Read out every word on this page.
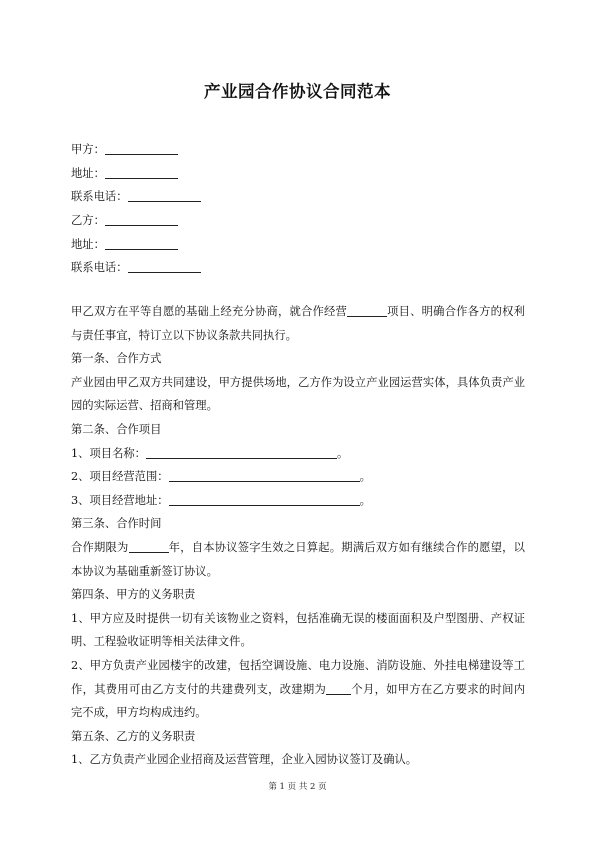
产业园合作协议合同范本
甲方：
地址：
联系电话：
乙方：
地址：
联系电话：

甲乙双方在平等自愿的基础上经充分协商，就合作经营	项目、明确合作各方的权利与责任事宜，特订立以下协议条款共同执行。

第一条、合作方式

产业园由甲乙双方共同建设，甲方提供场地，乙方作为设立产业园运营实体，具体负责产业园的实际运营、招商和管理。

第二条、合作项目

1、项目名称：	。

2、项目经营范围：	。

3、项目经营地址：	。

第三条、合作时间

合作期限为	年，自本协议签字生效之日算起。期满后双方如有继续合作的愿望，以本协议为基础重新签订协议。

第四条、甲方的义务职责

1、甲方应及时提供一切有关该物业之资料，包括准确无误的楼面面积及户型图册、产权证明、工程验收证明等相关法律文件。

2、甲方负责产业园楼宇的改建，包括空调设施、电力设施、消防设施、外挂电梯建设等工作，其费用可由乙方支付的共建费列支，改建期为 个月，如甲方在乙方要求的时间内完不成，甲方均构成违约。

第五条、乙方的义务职责

1、乙方负责产业园企业招商及运营管理，企业入园协议签订及确认。

第 1 页 共 2 页
